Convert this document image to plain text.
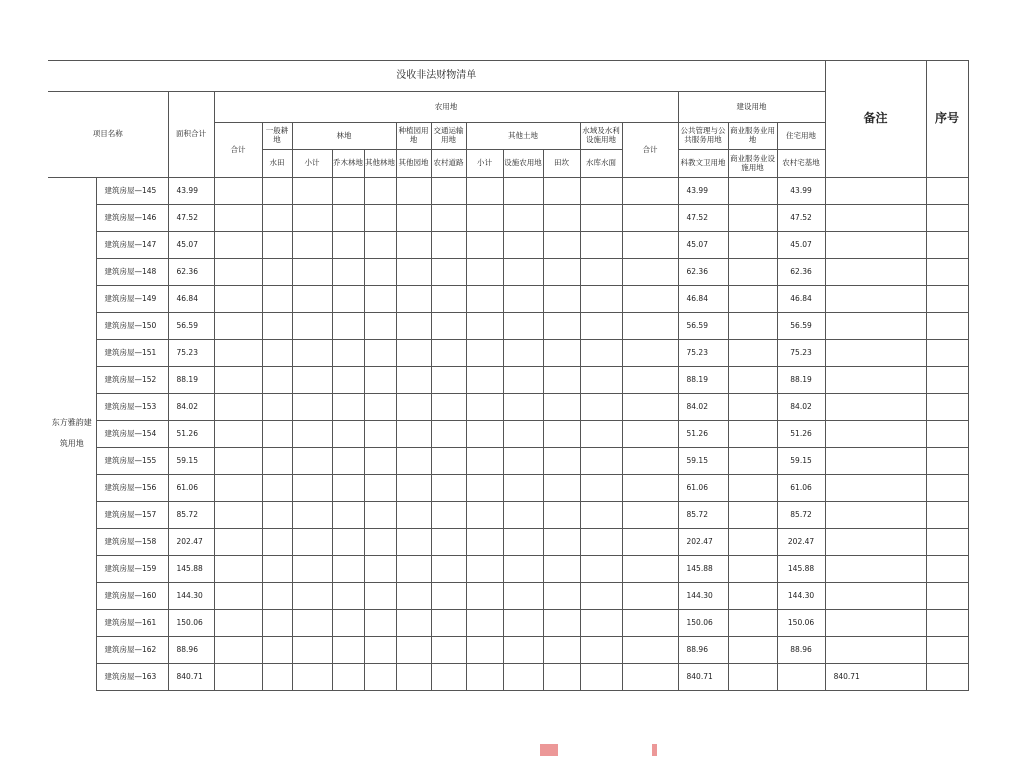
没收非法财物清单																		备注	序号	
项目名称		面积合计	农用地												建设用地					
			合计	一般耕地	林地			种植园用地	交通运输用地	其他土地			水域及水利设施用地	合计	公共管理与公共服务用地	商业服务业用地	住宅用地			
				水田	小计	乔木林地	其他林地	其他园地	农村道路	小计	设施农用地	田坎	水库水面		科教文卫用地	商业服务业设施用地	农村宅基地			
东方雅韵建筑用地	建筑房屋—145	43.99													43.99		43.99			
	建筑房屋—146	47.52													47.52		47.52			
	建筑房屋—147	45.07													45.07		45.07			
	建筑房屋—148	62.36													62.36		62.36			
	建筑房屋—149	46.84													46.84		46.84			
	建筑房屋—150	56.59													56.59		56.59			
	建筑房屋—151	75.23													75.23		75.23			
	建筑房屋—152	88.19													88.19		88.19			
	建筑房屋—153	84.02													84.02		84.02			
	建筑房屋—154	51.26													51.26		51.26			
	建筑房屋—155	59.15													59.15		59.15			
	建筑房屋—156	61.06													61.06		61.06			
	建筑房屋—157	85.72													85.72		85.72			
	建筑房屋—158	202.47													202.47		202.47			
	建筑房屋—159	145.88													145.88		145.88			
	建筑房屋—160	144.30													144.30		144.30			
	建筑房屋—161	150.06													150.06		150.06			
	建筑房屋—162	88.96													88.96		88.96			
	建筑房屋—163	840.71													840.71			840.71		
